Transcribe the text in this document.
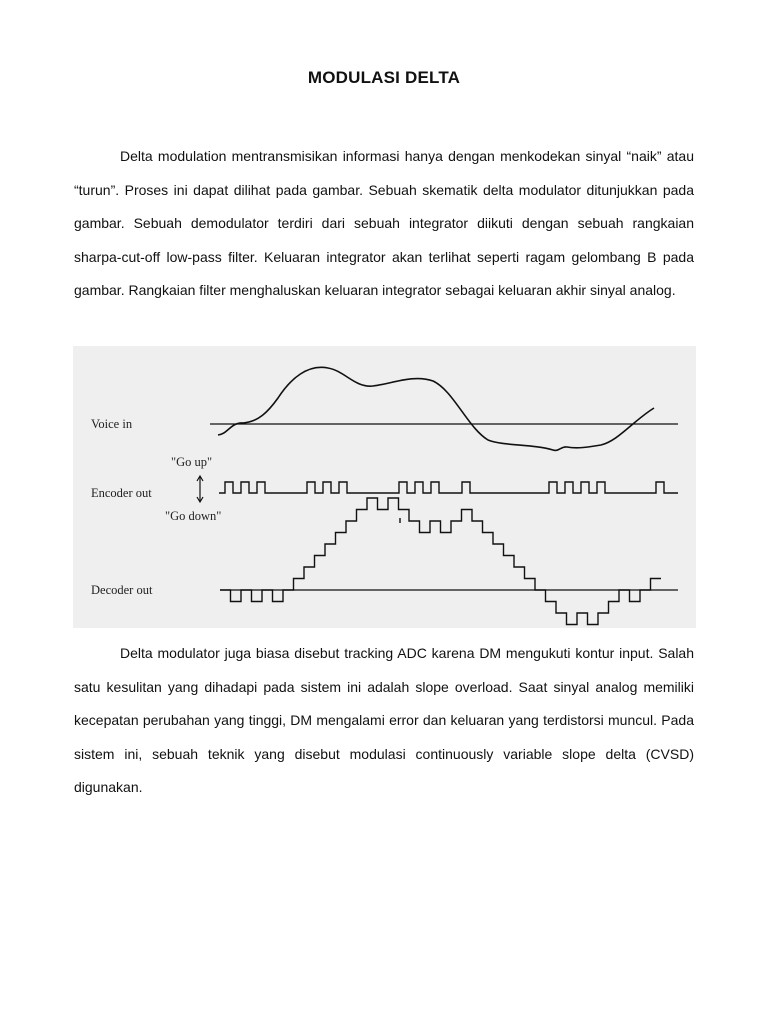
MODULASI DELTA

Delta modulation mentransmisikan informasi hanya dengan menkodekan sinyal “naik” atau “turun”. Proses ini dapat dilihat pada gambar. Sebuah skematik delta modulator ditunjukkan pada gambar. Sebuah demodulator terdiri dari sebuah integrator diikuti dengan sebuah rangkaian sharpa-cut-off low-pass filter. Keluaran integrator akan terlihat seperti ragam gelombang B pada gambar. Rangkaian filter menghaluskan keluaran integrator sebagai keluaran akhir sinyal analog.

Voice in
"Go up"
Encoder out
"Go down"
Decoder out

Delta modulator juga biasa disebut tracking ADC karena DM mengukuti kontur input. Salah satu kesulitan yang dihadapi pada sistem ini adalah slope overload. Saat sinyal analog memiliki kecepatan perubahan yang tinggi, DM mengalami error dan keluaran yang terdistorsi muncul. Pada sistem ini, sebuah teknik yang disebut modulasi continuously variable slope delta (CVSD) digunakan.
